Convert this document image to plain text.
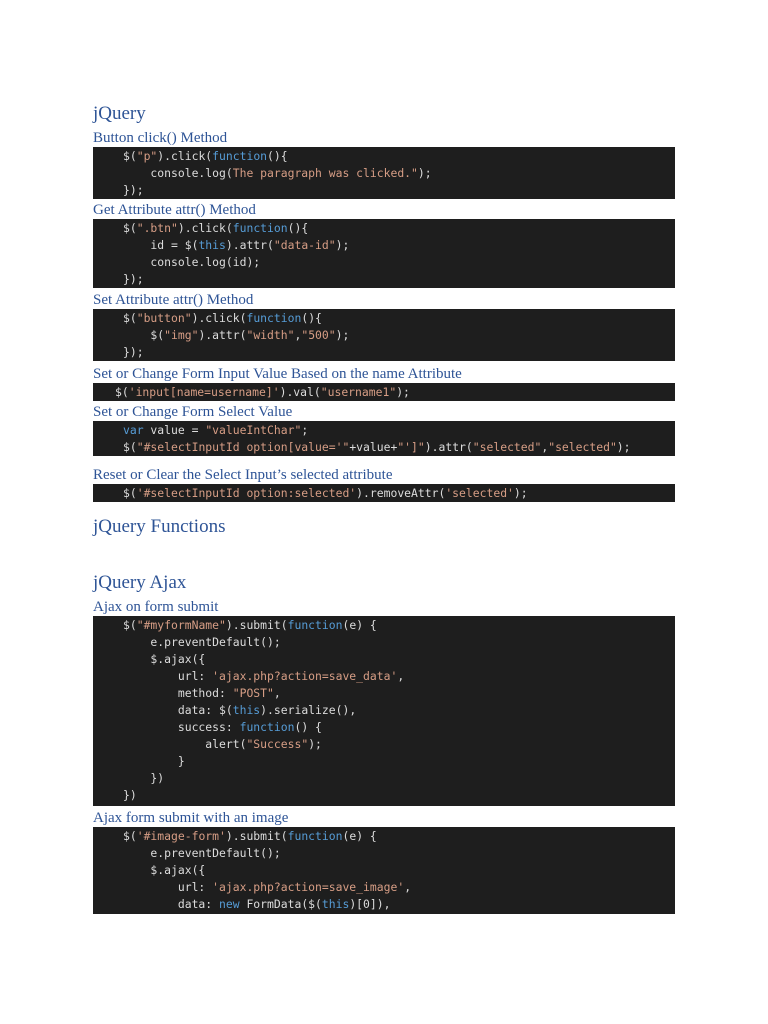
jQuery
Button click() Method
$("p").click(function(){
console.log(The paragraph was clicked.");
});
Get Attribute attr() Method
$(".btn").click(function(){
id = $(this).attr("data-id");
console.log(id);
});
Set Attribute attr() Method
$("button").click(function(){
$("img").attr("width","500");
});
Set or Change Form Input Value Based on the name Attribute
$('input[name=username]').val("username1");
Set or Change Form Select Value
var value = "valueIntChar";
$("#selectInputId option[value='"+value+"']").attr("selected","selected");
Reset or Clear the Select Input’s selected attribute
$('#selectInputId option:selected').removeAttr('selected');
jQuery Functions
jQuery Ajax
Ajax on form submit
$("#myformName").submit(function(e) {
e.preventDefault();
$.ajax({
url: 'ajax.php?action=save_data',
method: "POST",
data: $(this).serialize(),
success: function() {
alert("Success");
}
})
})
Ajax form submit with an image
$('#image-form').submit(function(e) {
e.preventDefault();
$.ajax({
url: 'ajax.php?action=save_image',
data: new FormData($(this)[0]),
